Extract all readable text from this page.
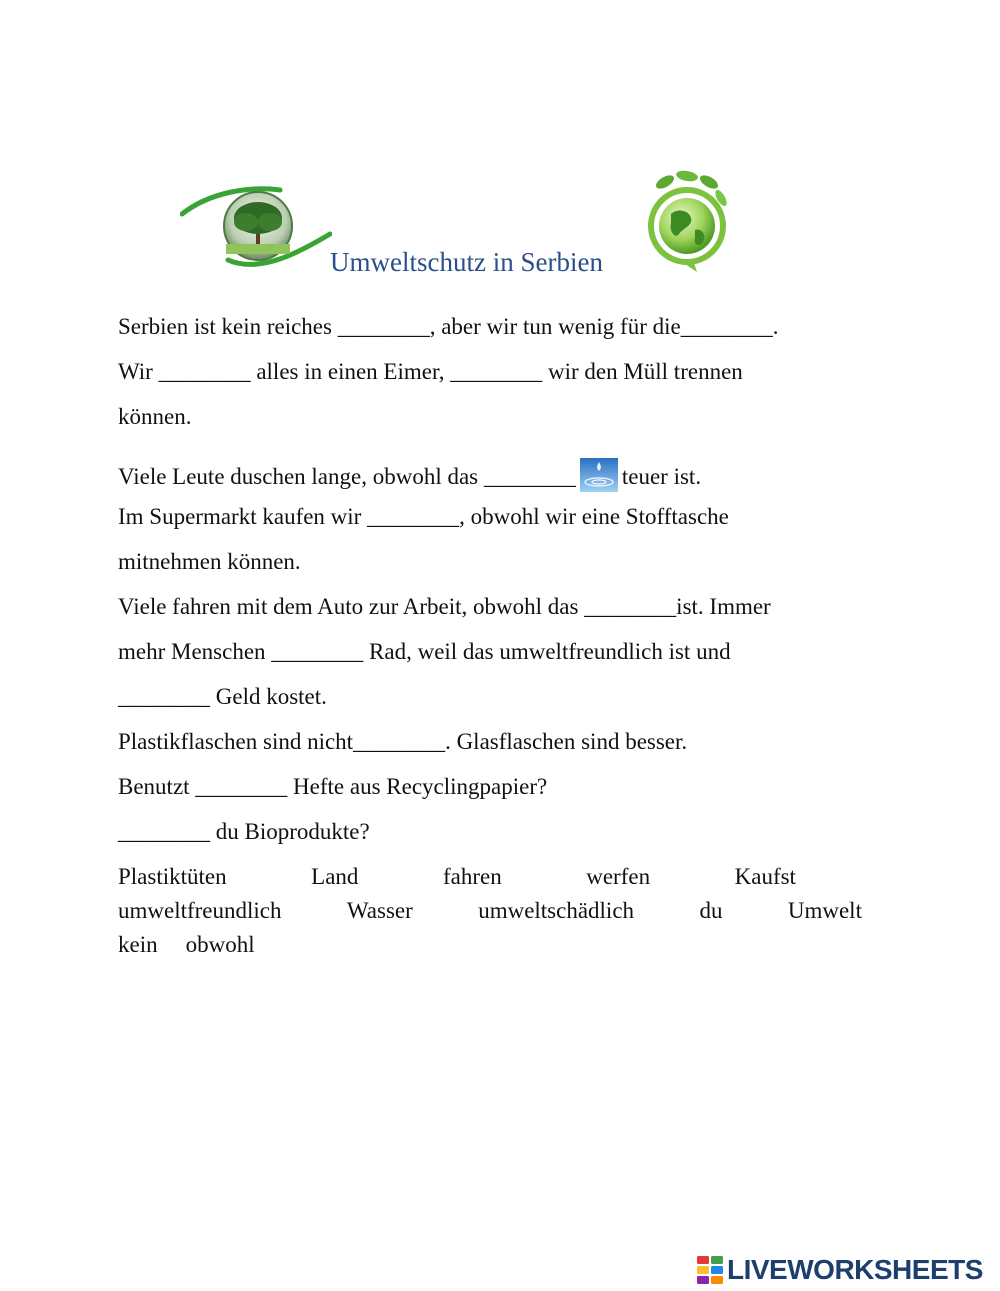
Umweltschutz in Serbien
Serbien ist kein reiches ________, aber wir tun wenig für die________.
Wir ________ alles in einen Eimer, ________ wir den Müll trennen
können.
Viele Leute duschen lange, obwohl das ________ teuer ist.
Im Supermarkt kaufen wir ________, obwohl wir eine Stofftasche
mitnehmen können.
Viele fahren mit dem Auto zur Arbeit, obwohl das ________ist. Immer
mehr Menschen ________ Rad, weil das umweltfreundlich ist und
________ Geld kostet.
Plastikflaschen sind nicht________. Glasflaschen sind besser.
Benutzt ________ Hefte aus Recyclingpapier?
________ du Bioprodukte?
Plastiktüten	Land	fahren	werfen	Kaufst
umweltfreundlich	Wasser	umweltschädlich	du	Umwelt
kein obwohl
LIVEWORKSHEETS
